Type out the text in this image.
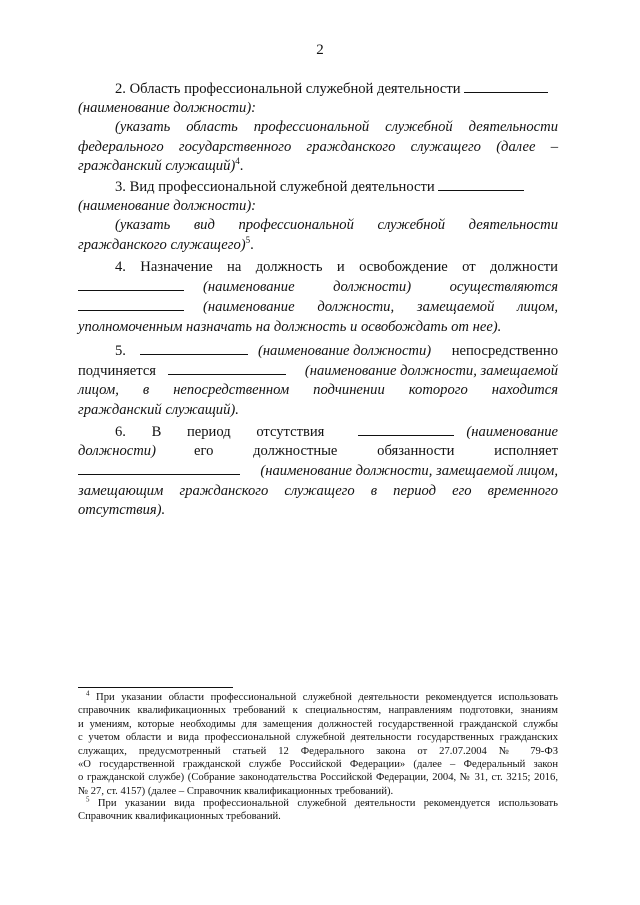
2
2. Область профессиональной служебной деятельности
(наименование должности):
(указать область профессиональной служебной деятельности
федерального государственного гражданского служащего (далее –
гражданский служащий)$^4$.
3. Вид профессиональной служебной деятельности
(наименование должности):
(указать вид профессиональной служебной деятельности
гражданского служащего)$^5$.
4. Назначение на должность и освобождение от должности
(наименование должности) осуществляются
(наименование должности, замещаемой лицом,
уполномоченным назначать на должность и освобождать от нее).
5.	(наименование должности) непосредственно
подчиняется	(наименование должности, замещаемой
лицом, в непосредственном подчинении которого находится
гражданский служащий).
6. В период отсутствия	(наименование
должности)	его должностные обязанности исполняет
(наименование должности, замещаемой лицом,
замещающим гражданского служащего в период его временного
отсутствия).
$^4$ При указании области профессиональной служебной деятельности рекомендуется использовать
справочник квалификационных требований к специальностям, направлениям подготовки, знаниям
и умениям, которые необходимы для замещения должностей государственной гражданской службы
с учетом области и вида профессиональной служебной деятельности государственных гражданских
служащих, предусмотренный статьей 12 Федерального закона от 27.07.2004 № 79-ФЗ
«О государственной гражданской службе Российской Федерации» (далее – Федеральный закон
о гражданской службе) (Собрание законодательства Российской Федерации, 2004, № 31, ст. 3215; 2016,
№ 27, ст. 4157) (далее – Справочник квалификационных требований).
$^5$ При указании вида профессиональной служебной деятельности рекомендуется использовать
Справочник квалификационных требований.
